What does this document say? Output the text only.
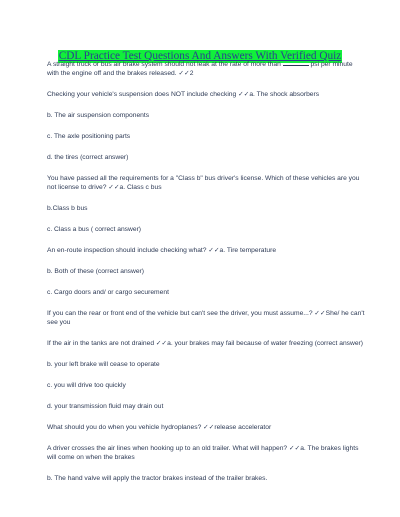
CDL Practice Test Questions And Answers With Verified Quiz

A straight truck or bus air brake system should not leak at the rate of more than	psi per minute with the engine off and the brakes released. ✓✓2

Checking your vehicle's suspension does NOT include checking ✓✓a. The shock absorbers

b. The air suspension components

c. The axle positioning parts

d. the tires (correct answer)

You have passed all the requirements for a "Class b" bus driver's license. Which of these vehicles are you not license to drive? ✓✓a. Class c bus

b.Class b bus

c. Class a bus ( correct answer)

An en-route inspection should include checking what? ✓✓a. Tire temperature

b. Both of these (correct answer)

c. Cargo doors and/ or cargo securement

If you can the rear or front end of the vehicle but can't see the driver, you must assume...? ✓✓She/ he can't see you

If the air in the tanks are not drained ✓✓a. your brakes may fail because of water freezing (correct answer)

b. your left brake will cease to operate

c. you will drive too quickly

d. your transmission fluid may drain out

What should you do when you vehicle hydroplanes? ✓✓release accelerator

A driver crosses the air lines when hooking up to an old trailer. What will happen? ✓✓a. The brakes lights will come on when the brakes

b. The hand valve will apply the tractor brakes instead of the trailer brakes.
